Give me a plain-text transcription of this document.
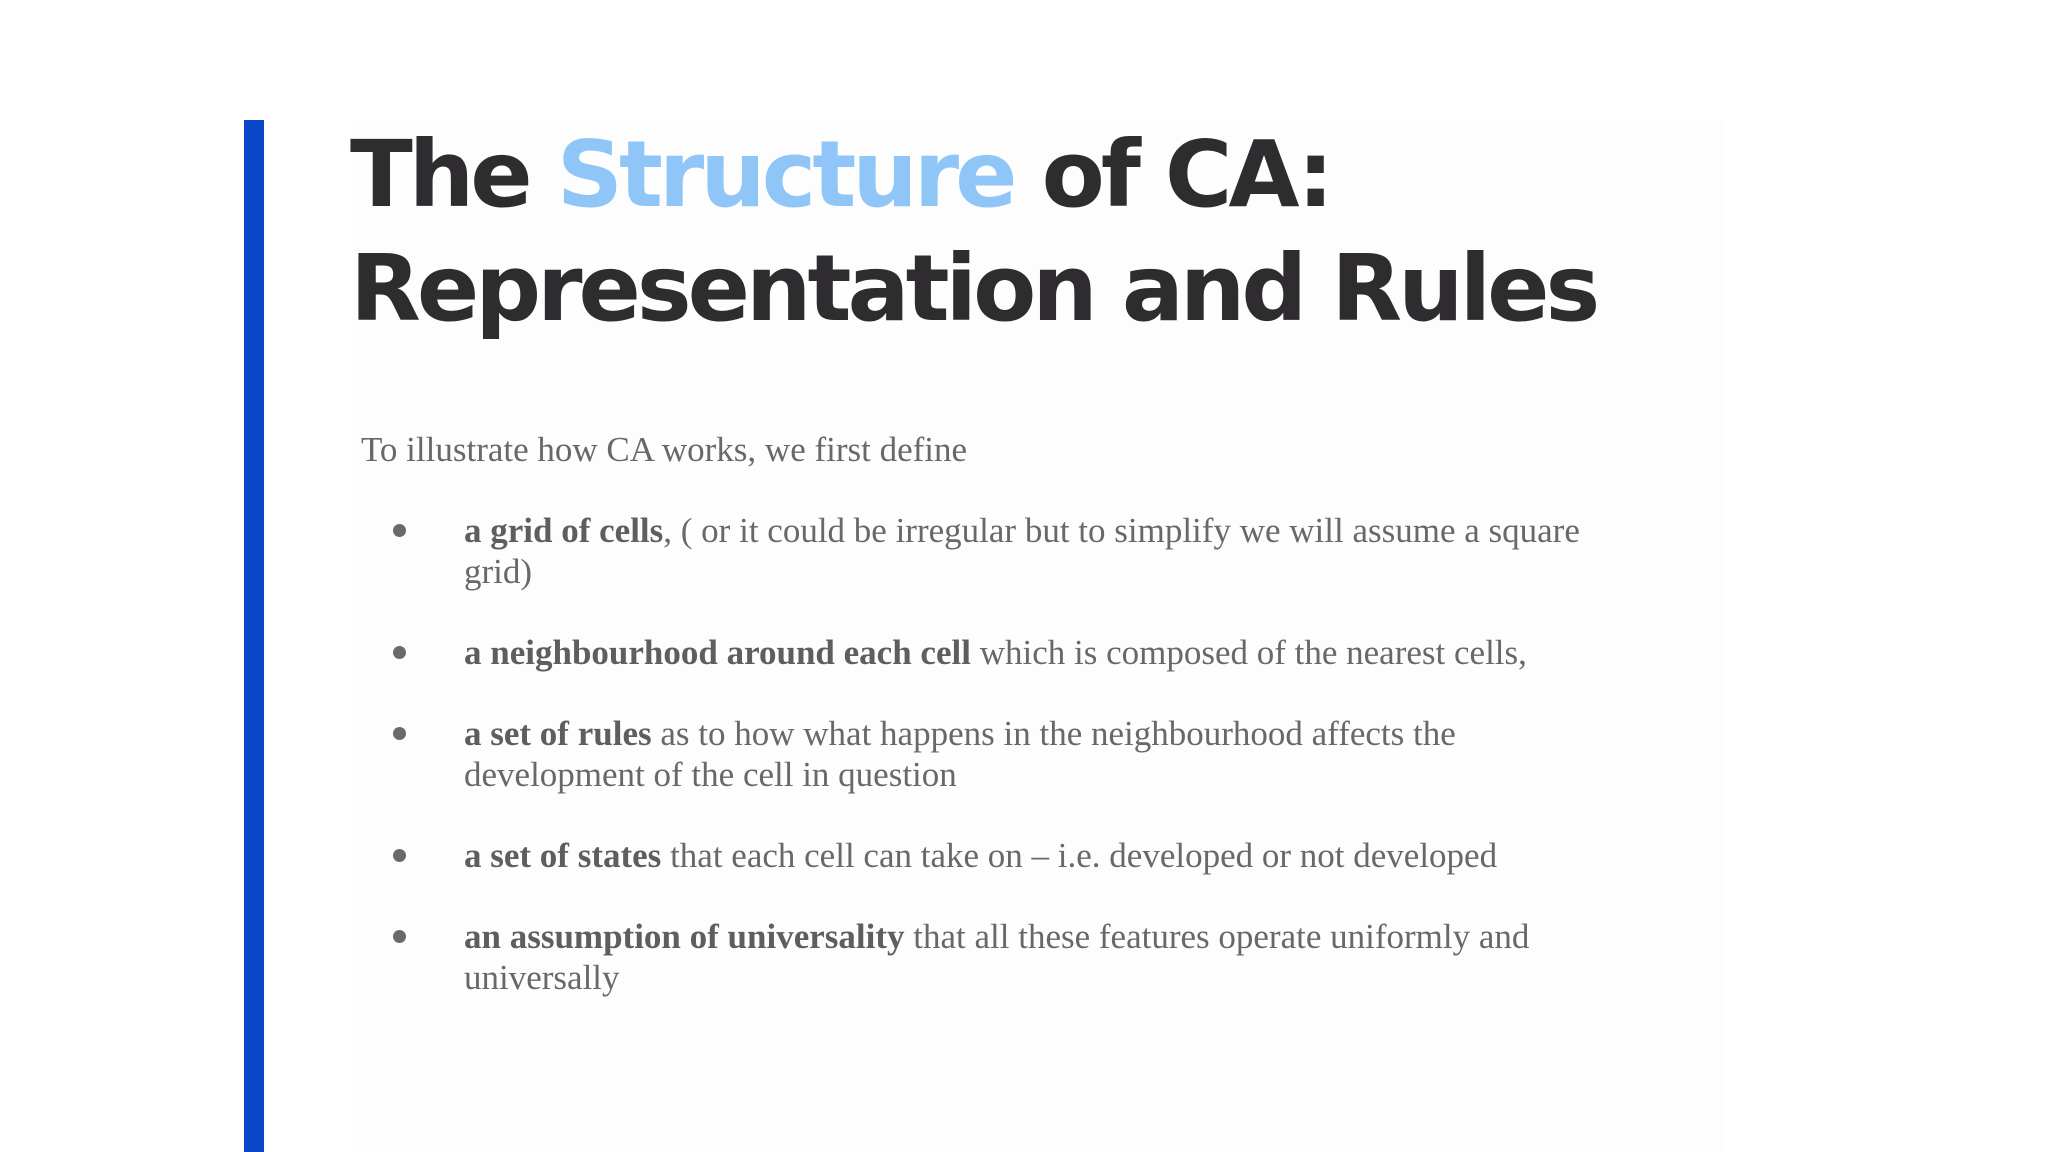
The Structure of CA:
Representation and Rules

To illustrate how CA works, we first define

a grid of cells, ( or it could be irregular but to simplify we will assume a square grid)
a neighbourhood around each cell which is composed of the nearest cells,
a set of rules as to how what happens in the neighbourhood affects the development of the cell in question
a set of states that each cell can take on – i.e. developed or not developed
an assumption of universality that all these features operate uniformly and universally
